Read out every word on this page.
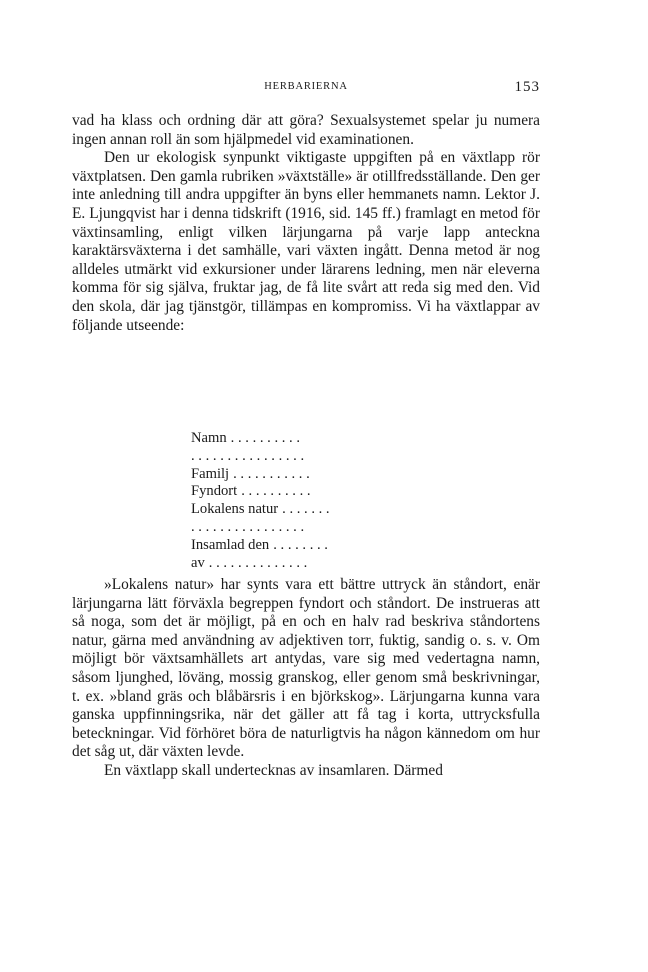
HERBARIERNA	153

vad ha klass och ordning där att göra? Sexualsystemet spelar ju numera ingen annan roll än som hjälpmedel vid examinationen.

Den ur ekologisk synpunkt viktigaste uppgiften på en växtlapp rör växtplatsen. Den gamla rubriken »växtställe» är otillfredsställande. Den ger inte anledning till andra uppgifter än byns eller hemmanets namn. Lektor J. E. Ljungqvist har i denna tidskrift (1916, sid. 145 ff.) framlagt en metod för växtinsamling, enligt vilken lärjungarna på varje lapp anteckna karaktärsväxterna i det samhälle, vari växten ingått. Denna metod är nog alldeles utmärkt vid exkursioner under lärarens ledning, men när eleverna komma för sig själva, fruktar jag, de få lite svårt att reda sig med den. Vid den skola, där jag tjänstgör, tillämpas en kompromiss. Vi ha växtlappar av följande utseende:

Namn . . . . . . . . . .
. . . . . . . . . . . . . . . .
Familj . . . . . . . . . . .
Fyndort . . . . . . . . . .
Lokalens natur . . . . . . .
. . . . . . . . . . . . . . . .
Insamlad den . . . . . . . .
av . . . . . . . . . . . . . .

»Lokalens natur» har synts vara ett bättre uttryck än ståndort, enär lärjungarna lätt förväxla begreppen fyndort och ståndort. De instrueras att så noga, som det är möjligt, på en och en halv rad beskriva ståndortens natur, gärna med användning av adjektiven torr, fuktig, sandig o. s. v. Om möjligt bör växtsamhällets art antydas, vare sig med vedertagna namn, såsom ljunghed, löväng, mossig granskog, eller genom små beskrivningar, t. ex. »bland gräs och blåbärsris i en björkskog». Lärjungarna kunna vara ganska uppfinningsrika, när det gäller att få tag i korta, uttrycksfulla beteckningar. Vid förhöret böra de naturligtvis ha någon kännedom om hur det såg ut, där växten levde.

En växtlapp skall undertecknas av insamlaren. Därmed
